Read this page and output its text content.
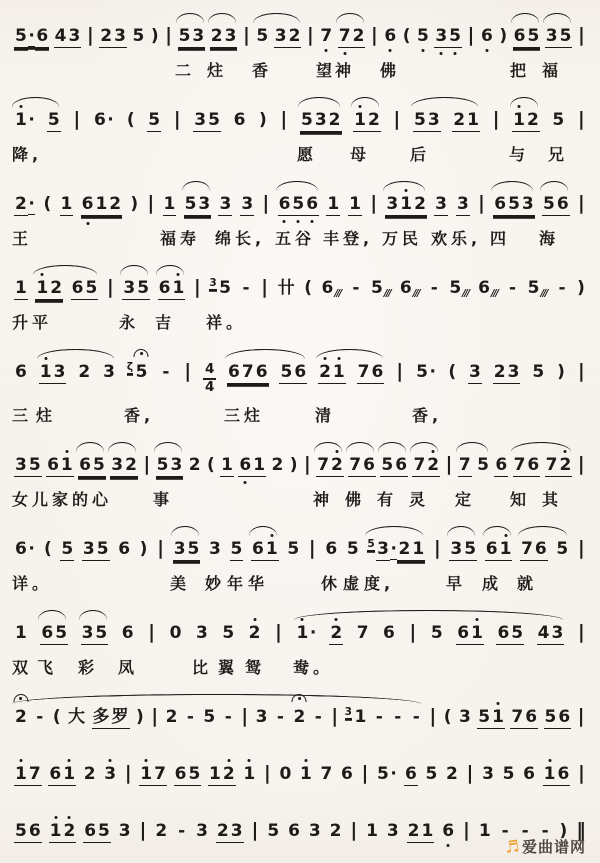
5 · 6 4 3 | 2 3 5 ) | 5 3 2 3 | 5 3 2 | 7 7 2 | 6 ( 5 3 5 | 6 ) 6 5 3 5 |
二 炷 香	望
神 佛	把 福
1 · 5 | 6 · ( 5 | 3 5 6 ) | 5 3 2 1 2 | 5 3 2 1 | 1 2 5 |
降,	愿 母 后	与 兄
2 · ( 1 6 1 2 ) | 1 5 3 3 3 | 6 5 6 1 1 | 3 1 2 3 3 | 6 5 3 5 6 |
王	福寿 绵长, 五谷 丰登, 万民 欢乐, 四 海
1 1 2 6 5 | 3 5 6 1 | 3 5 - | 卄 ( 6 /// - 5 /// 6 /// - 5 /// 6 /// - 5 /// - )
升平	永 吉 祥。
6 1 3 2 3 ζ 5 - | 4
4
6 7 6 5 6 2 1 7 6 | 5 · ( 3 2 3 5 ) |
三 炷	香,	三炷	清	香,
3 5 6 1 6 5 3 2 | 5 3 2 ( 1 6 1 2 ) | 7 2 7 6 5 6 7 2 | 7 5 6 7 6 7 2 |
女儿家的心	事	神 佛 有 灵 定 知 其
6 · ( 5 3 5 6 ) | 3 5 3 5 6 1 5 | 6 5 5 3 · 2 1 | 3 5 6 1 7 6 5 |
详。	美 妙 年 华	休 虚 度,	早 成 就
1 6 5 3 5 6 | 0 3 5 2 | 1 · 2 7 6 | 5 6 1 6 5 4 3 |
双 飞 彩 凤	比 翼 鸳 鸯。
2 - ( 大 多 罗 ) | 2 - 5 - | 3 - 2 - | 3 1 - - - | ( 3 5 1 7 6 5 6 |
1 7 6 1 2 3 | 1 7 6 5 1 2 1 | 0 1 7 6 | 5 · 6 5 2 | 3 5 6 1 6 |
5 6 1 2 6 5 3 | 2 - 3 2 3 | 5 6 3 2 | 1 3 2 1 6 | 1 - - - ) ‖
♬ 爱曲谱网
